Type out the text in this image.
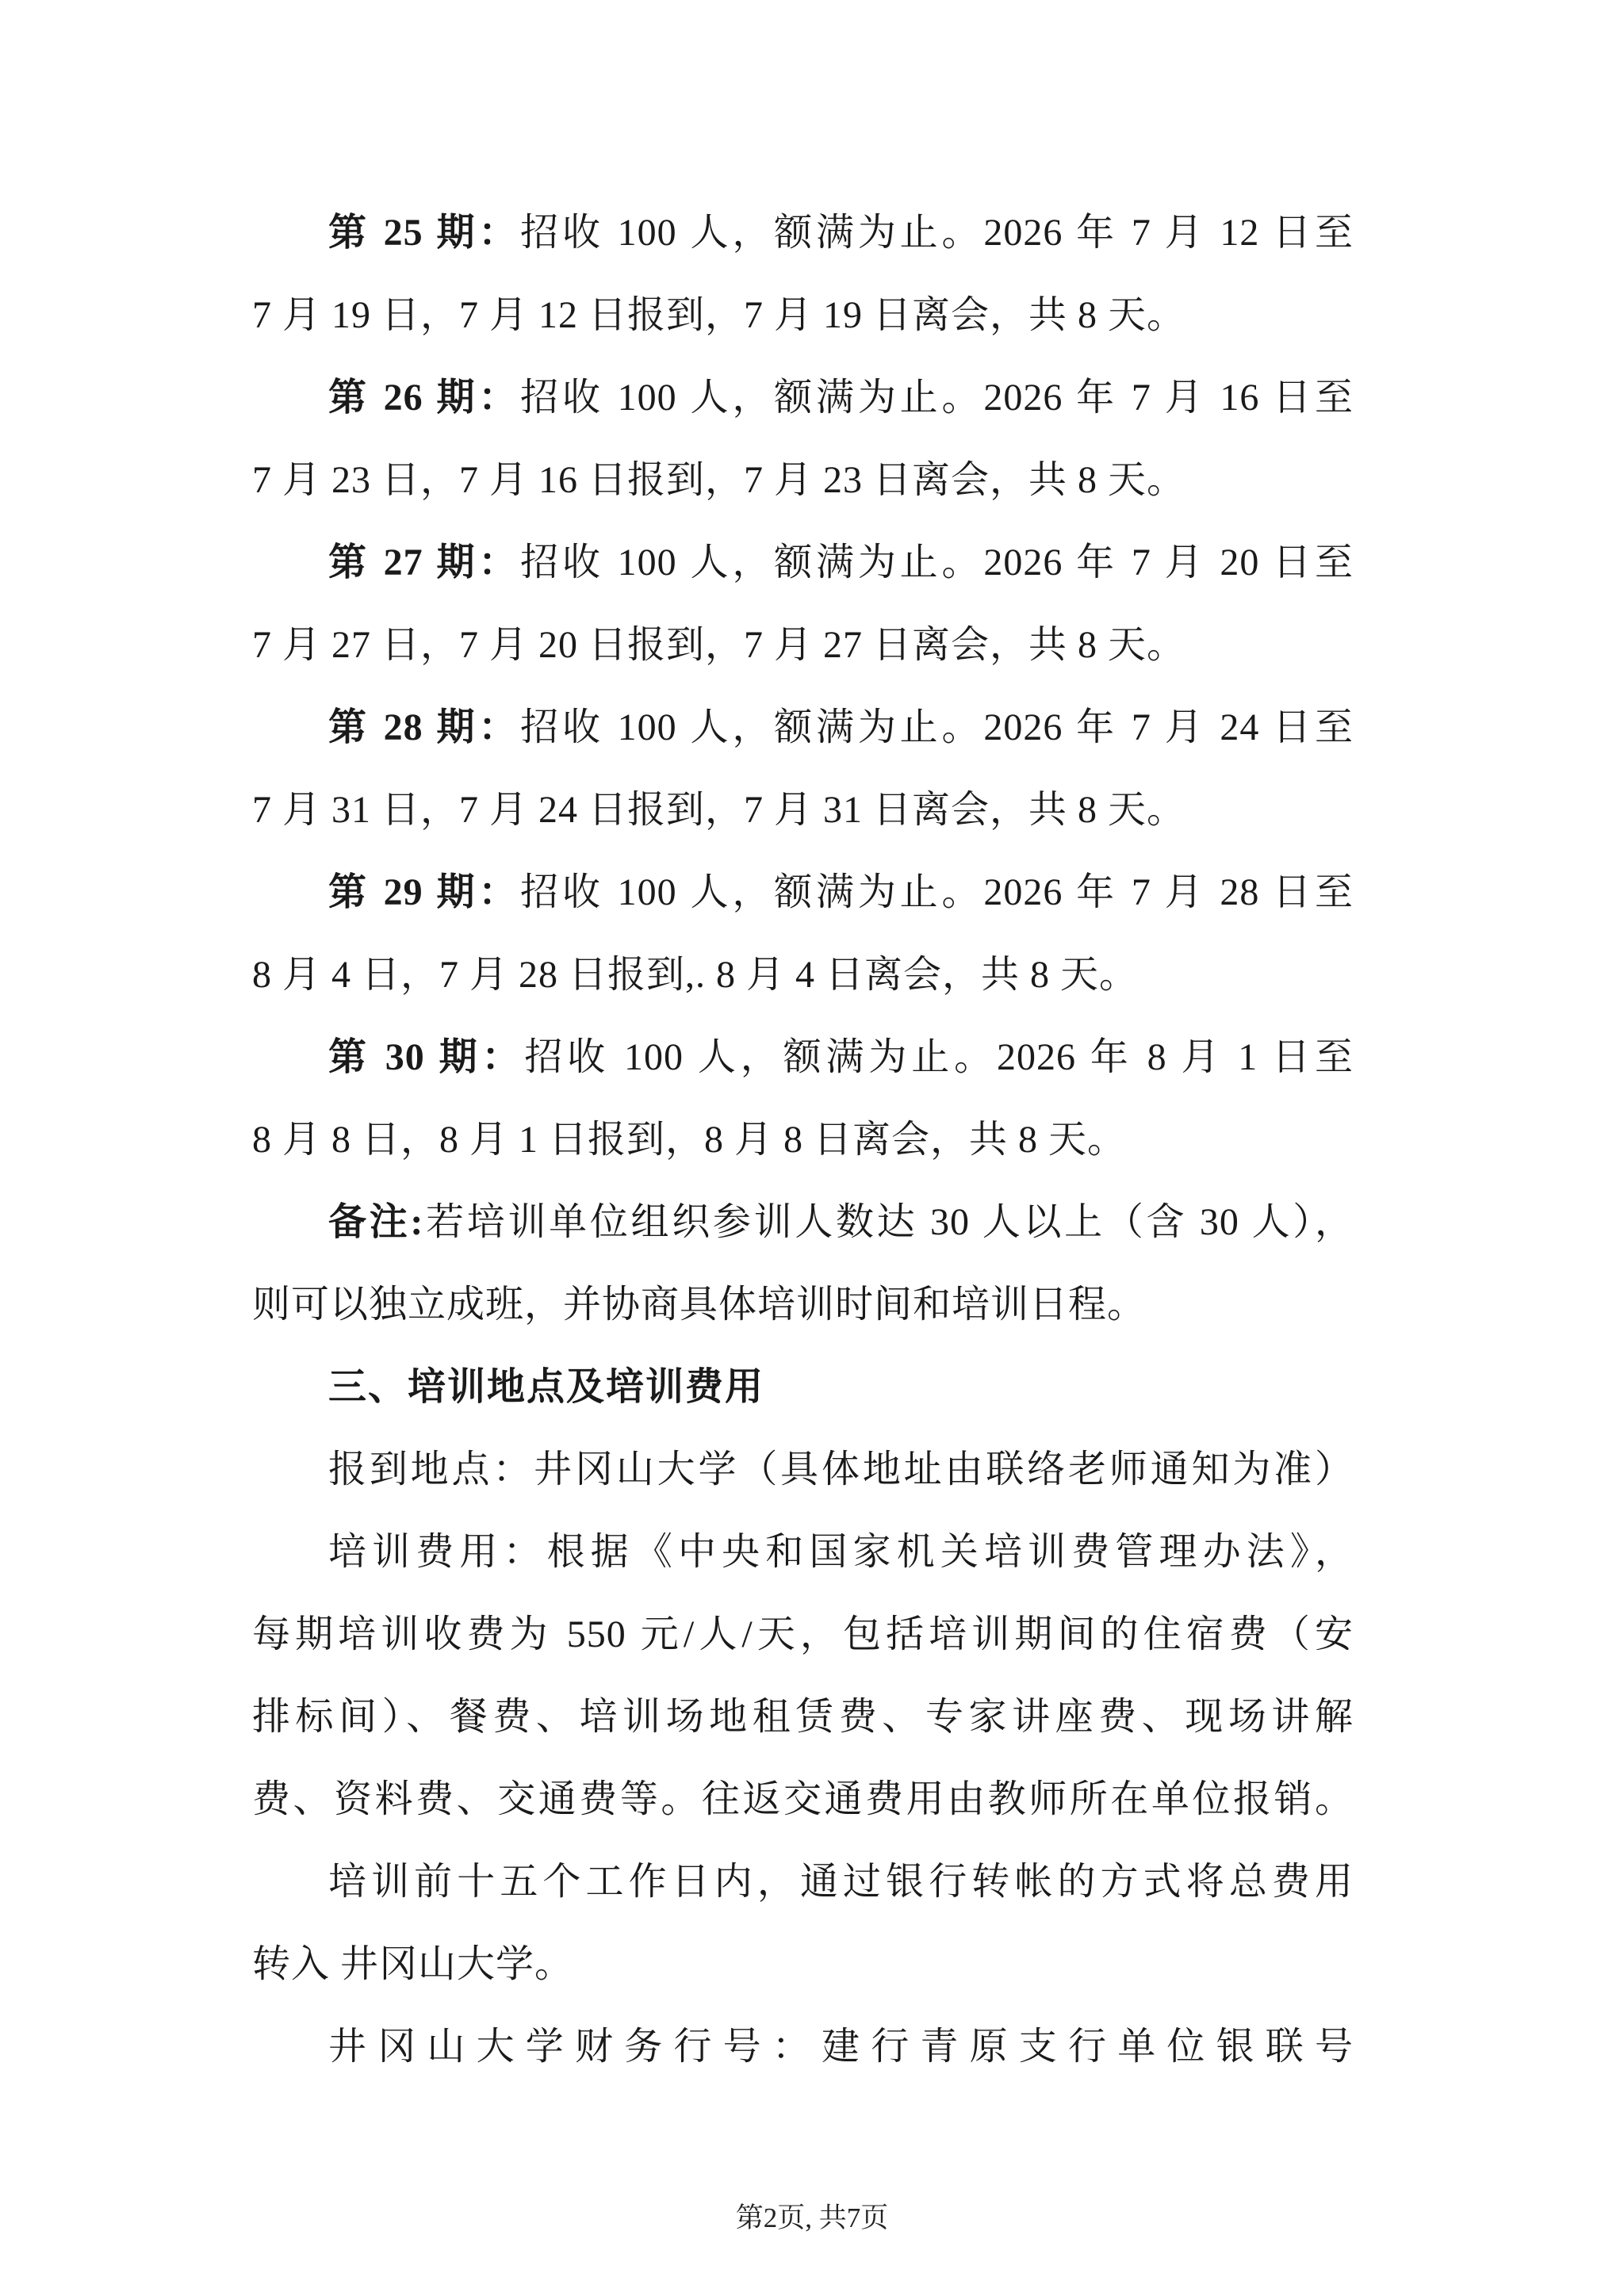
第 25 期：招收 100 人，额满为止。2026 年 7 月 12 日至
7 月 19 日，7 月 12 日报到，7 月 19 日离会，共 8 天。
第 26 期：招收 100 人，额满为止。2026 年 7 月 16 日至
7 月 23 日，7 月 16 日报到，7 月 23 日离会，共 8 天。
第 27 期：招收 100 人，额满为止。2026 年 7 月 20 日至
7 月 27 日，7 月 20 日报到，7 月 27 日离会，共 8 天。
第 28 期：招收 100 人，额满为止。2026 年 7 月 24 日至
7 月 31 日，7 月 24 日报到，7 月 31 日离会，共 8 天。
第 29 期：招收 100 人，额满为止。2026 年 7 月 28 日至
8 月 4 日，7 月 28 日报到,. 8 月 4 日离会，共 8 天。
第 30 期：招收 100 人，额满为止。2026 年 8 月 1 日至
8 月 8 日，8 月 1 日报到，8 月 8 日离会，共 8 天。
备注:若培训单位组织参训人数达 30 人以上（含 30 人），
则可以独立成班，并协商具体培训时间和培训日程。
三、培训地点及培训费用
报到地点：井冈山大学（具体地址由联络老师通知为准）
培训费用：根据《中央和国家机关培训费管理办法》，
每期培训收费为 550 元/人/天，包括培训期间的住宿费（安
排标间）、餐费、培训场地租赁费、专家讲座费、现场讲解
费、资料费、交通费等。往返交通费用由教师所在单位报销。
培训前十五个工作日内，通过银行转帐的方式将总费用
转入 井冈山大学。
井冈山大学财务行号：建行青原支行单位银联号
第2页, 共7页
